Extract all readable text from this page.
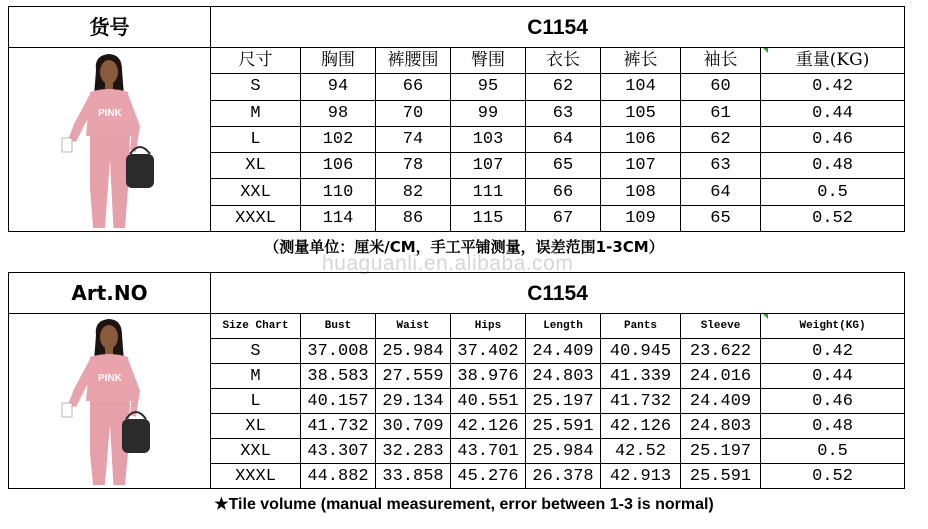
货号	C1154							

PINK	尺寸	胸围	裤腰围	臀围	衣长	裤长	袖长	重量(KG)
	S	94	66	95	62	104	60	0.42
	M	98	70	99	63	105	61	0.44
	L	102	74	103	64	106	62	0.46
	XL	106	78	107	65	107	63	0.48
	XXL	110	82	111	66	108	64	0.5
	XXXL	114	86	115	67	109	65	0.52
（测量单位：厘米/CM，手工平铺测量，误差范围1-3CM）
huaguanli.en.alibaba.com
Art.NO	C1154							

PINK	Size Chart	Bust	Waist	Hips	Length	Pants	Sleeve	Weight(KG)
	S	37.008	25.984	37.402	24.409	40.945	23.622	0.42
	M	38.583	27.559	38.976	24.803	41.339	24.016	0.44
	L	40.157	29.134	40.551	25.197	41.732	24.409	0.46
	XL	41.732	30.709	42.126	25.591	42.126	24.803	0.48
	XXL	43.307	32.283	43.701	25.984	42.52	25.197	0.5
	XXXL	44.882	33.858	45.276	26.378	42.913	25.591	0.52
★Tile volume (manual measurement, error between 1-3 is normal)
